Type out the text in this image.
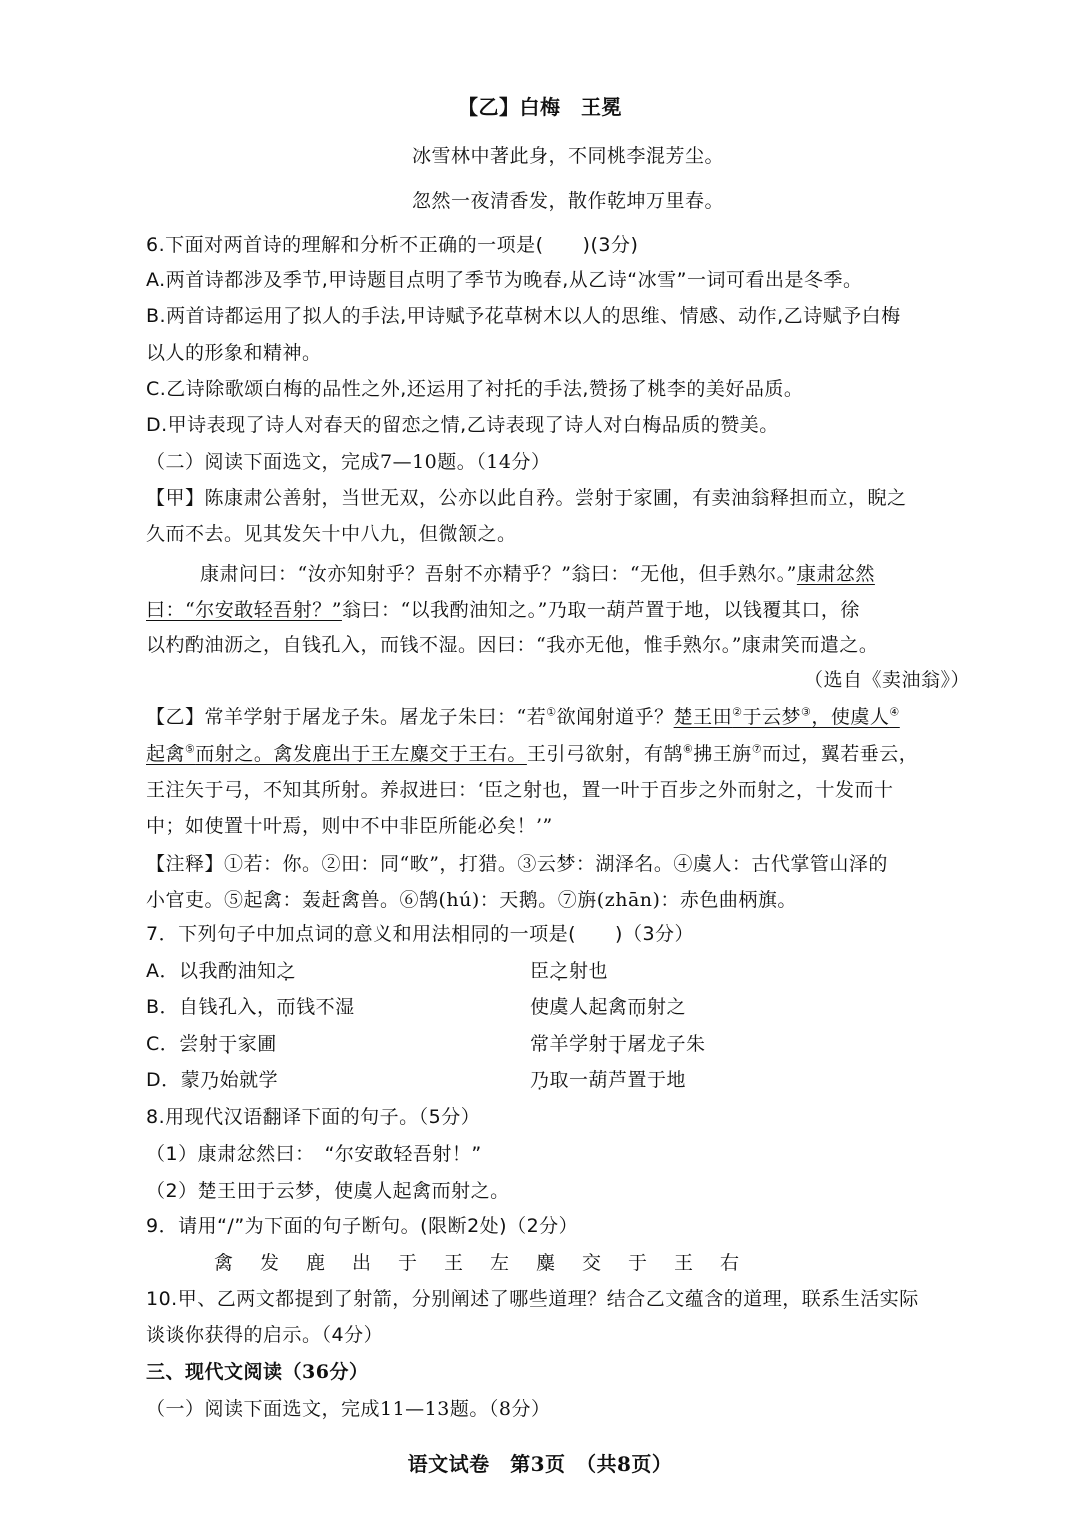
【乙】白梅　王冕
冰雪林中著此身，不同桃李混芳尘。
忽然一夜清香发，散作乾坤万里春。
6.下面对两首诗的理解和分析不正确的一项是(　　)(3分)
A.两首诗都涉及季节,甲诗题目点明了季节为晚春,从乙诗“冰雪”一词可看出是冬季。
B.两首诗都运用了拟人的手法,甲诗赋予花草树木以人的思维、情感、动作,乙诗赋予白梅
以人的形象和精神。
C.乙诗除歌颂白梅的品性之外,还运用了衬托的手法,赞扬了桃李的美好品质。
D.甲诗表现了诗人对春天的留恋之情,乙诗表现了诗人对白梅品质的赞美。
（二）阅读下面选文，完成7—10题。（14分）
【甲】陈康肃公善射，当世无双，公亦以此自矜。尝射于家圃，有卖油翁释担而立，睨之
久而不去。见其发矢十中八九，但微颔之。
康肃问曰：“汝亦知射乎？吾射不亦精乎？”翁曰：“无他，但手熟尔。”康肃忿然
曰：“尔安敢轻吾射？”翁曰：“以我酌油知之。”乃取一葫芦置于地，以钱覆其口，徐
以杓酌油沥之，自钱孔入，而钱不湿。因曰：“我亦无他，惟手熟尔。”康肃笑而遣之。
（选自《卖油翁》）
【乙】常羊学射于屠龙子朱。屠龙子朱曰：“若①欲闻射道乎？楚王田②于云梦③，使虞人④
起禽⑤而射之。禽发鹿出于王左麋交于王右。王引弓欲射，有鹄⑥拂王旃⑦而过，翼若垂云，
王注矢于弓，不知其所射。养叔进曰：‘臣之射也，置一叶于百步之外而射之，十发而十
中；如使置十叶焉，则中不中非臣所能必矣！’”
【注释】①若：你。②田：同“畋”，打猎。③云梦：湖泽名。④虞人：古代掌管山泽的
小官吏。⑤起禽：轰赶禽兽。⑥鹄(hú)：天鹅。⑦旃(zhān)：赤色曲柄旗。
7．下列句子中加点词的意义和用法相同的一项是(　　)（3分）
A．以我酌油知之	臣之射也
B．自钱孔入，而钱不湿	使虞人起禽而射之
C．尝射于家圃	常羊学射于屠龙子朱
D．蒙乃始就学	乃取一葫芦置于地
8.用现代汉语翻译下面的句子。（5分）
（1）康肃忿然曰：　“尔安敢轻吾射！”
（2）楚王田于云梦，使虞人起禽而射之。
9．请用“/”为下面的句子断句。(限断2处)（2分）
禽发鹿出于王左麋交于王右
10.甲、乙两文都提到了射箭，分别阐述了哪些道理？结合乙文蕴含的道理，联系生活实际
谈谈你获得的启示。（4分）
三、现代文阅读（36分）
（一）阅读下面选文，完成11—13题。（8分）
语文试卷　第3页　（共8页）
